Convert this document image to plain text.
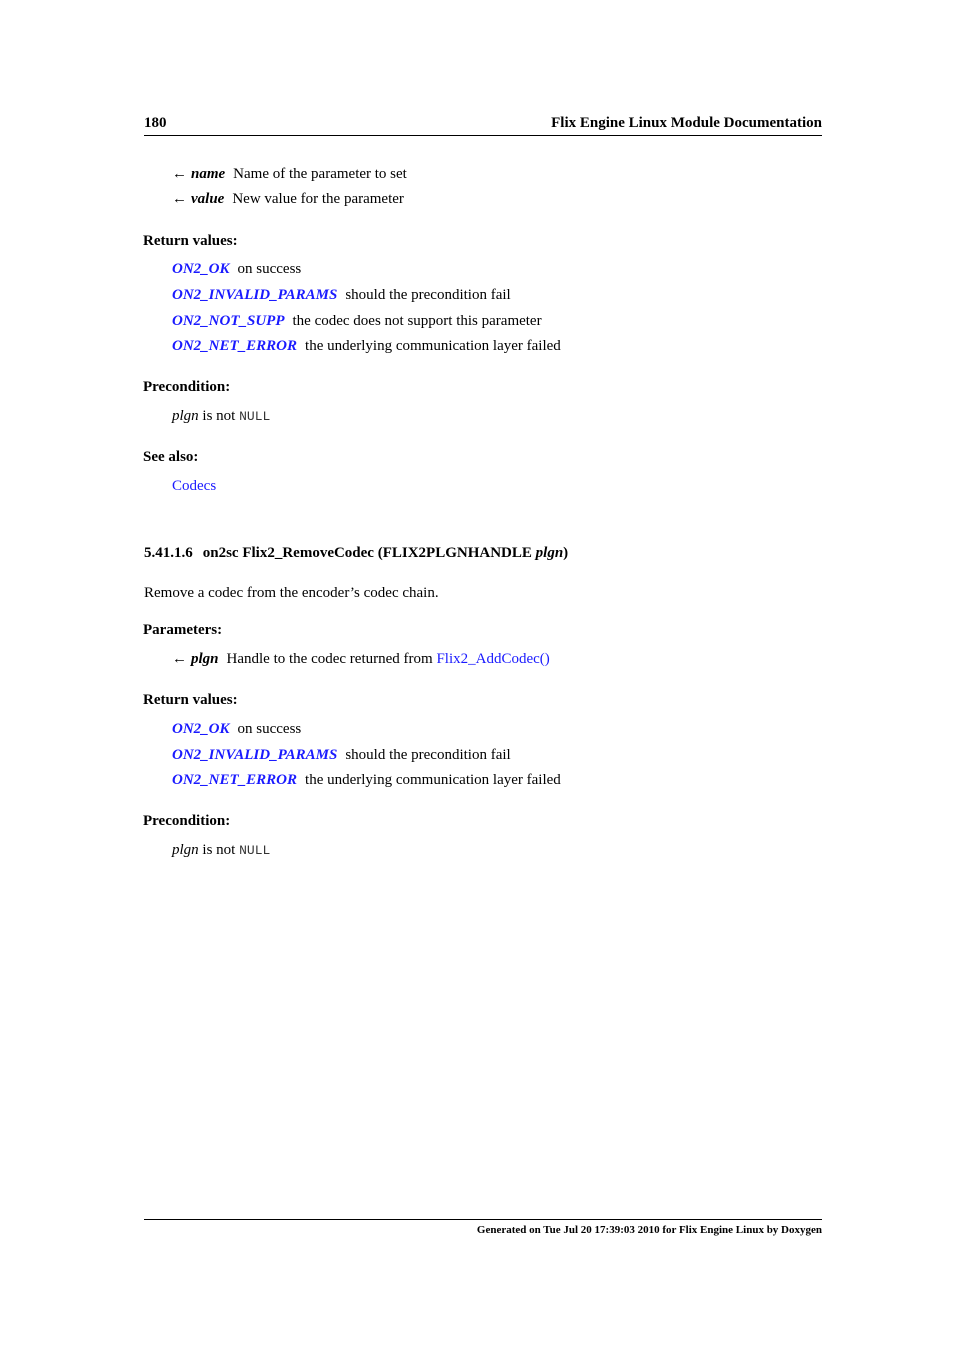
180	Flix Engine Linux Module Documentation
← name Name of the parameter to set
← value New value for the parameter
Return values:
ON2_OK on success
ON2_INVALID_PARAMS should the precondition fail
ON2_NOT_SUPP the codec does not support this parameter
ON2_NET_ERROR the underlying communication layer failed
Precondition:
plgn is not NULL
See also:
Codecs
5.41.1.6 on2sc Flix2_RemoveCodec (FLIX2PLGNHANDLE plgn)
Remove a codec from the encoder’s codec chain.
Parameters:
← plgn Handle to the codec returned from Flix2_AddCodec()
Return values:
ON2_OK on success
ON2_INVALID_PARAMS should the precondition fail
ON2_NET_ERROR the underlying communication layer failed
Precondition:
plgn is not NULL
Generated on Tue Jul 20 17:39:03 2010 for Flix Engine Linux by Doxygen
